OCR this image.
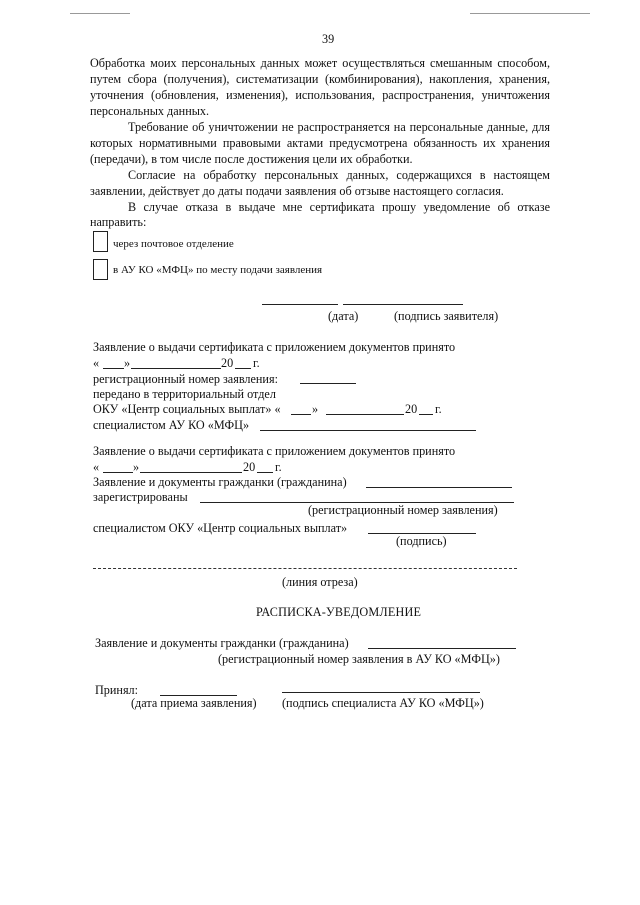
39
Обработка моих персональных данных может осуществляться смешанным способом,
путем сбора (получения), систематизации (комбинирования), накопления, хранения,
уточнения (обновления, изменения), использования, распространения, уничтожения
персональных данных.
Требование об уничтожении не распространяется на персональные данные, для
которых нормативными правовыми актами предусмотрена обязанность их хранения
(передачи), в том числе после достижения цели их обработки.
Согласие на обработку персональных данных, содержащихся в настоящем
заявлении, действует до даты подачи заявления об отзыве настоящего согласия.
В случае отказа в выдаче мне сертификата прошу уведомление об отказе
направить:
через почтовое отделение
в АУ КО «МФЦ» по месту подачи заявления
(дата)	(подпись заявителя)
Заявление о выдачи сертификата с приложением документов принято
« »	20 г.
регистрационный номер заявления:
передано в территориальный отдел
ОКУ «Центр социальных выплат» «	»	20 г.
специалистом АУ КО «МФЦ»
Заявление о выдачи сертификата с приложением документов принято
«	»	20 г.
Заявление и документы гражданки (гражданина)
зарегистрированы
(регистрационный номер заявления)
специалистом ОКУ «Центр социальных выплат»
(подпись)
(линия отреза)
РАСПИСКА-УВЕДОМЛЕНИЕ
Заявление и документы гражданки (гражданина)
(регистрационный номер заявления в АУ КО «МФЦ»)
Принял:
(дата приема заявления) (подпись специалиста АУ КО «МФЦ»)
